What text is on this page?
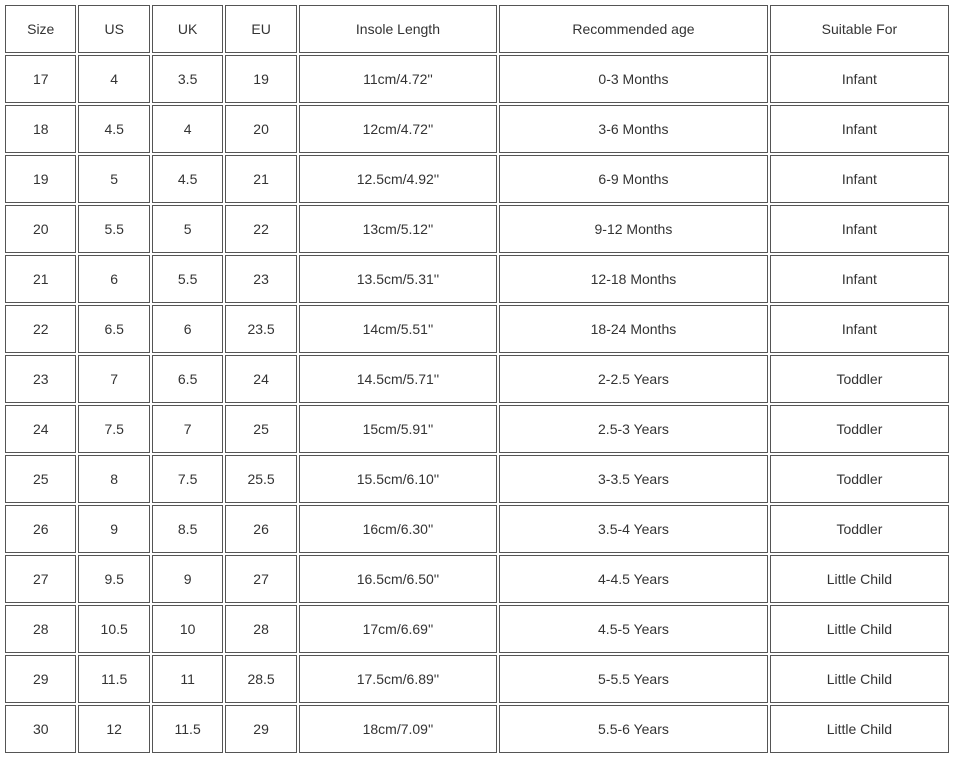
Size	US	UK	EU	Insole Length	Recommended age	Suitable For
17	4	3.5	19	11cm/4.72''	0-3 Months	Infant
18	4.5	4	20	12cm/4.72''	3-6 Months	Infant
19	5	4.5	21	12.5cm/4.92''	6-9 Months	Infant
20	5.5	5	22	13cm/5.12''	9-12 Months	Infant
21	6	5.5	23	13.5cm/5.31''	12-18 Months	Infant
22	6.5	6	23.5	14cm/5.51''	18-24 Months	Infant
23	7	6.5	24	14.5cm/5.71''	2-2.5 Years	Toddler
24	7.5	7	25	15cm/5.91''	2.5-3 Years	Toddler
25	8	7.5	25.5	15.5cm/6.10''	3-3.5 Years	Toddler
26	9	8.5	26	16cm/6.30''	3.5-4 Years	Toddler
27	9.5	9	27	16.5cm/6.50''	4-4.5 Years	Little Child
28	10.5	10	28	17cm/6.69''	4.5-5 Years	Little Child
29	11.5	11	28.5	17.5cm/6.89''	5-5.5 Years	Little Child
30	12	11.5	29	18cm/7.09''	5.5-6 Years	Little Child
